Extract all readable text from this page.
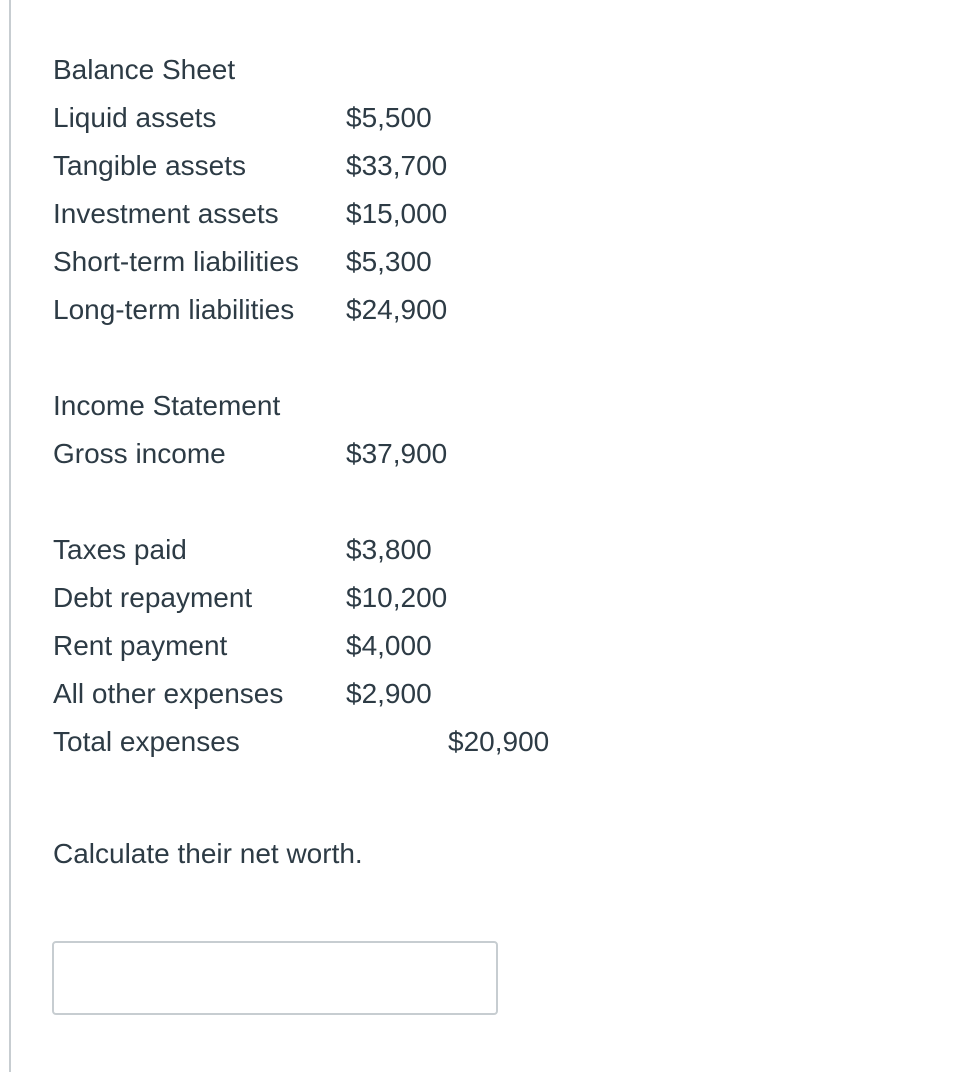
Balance Sheet
Liquid assets	$5,500
Tangible assets	$33,700
Investment assets $15,000
Short-term liabilities $5,300
Long-term liabilities $24,900
Income Statement
Gross income	$37,900
Taxes paid	$3,800
Debt repayment	$10,200
Rent payment	$4,000
All other expenses $2,900
Total expenses	$20,900
Calculate their net worth.
